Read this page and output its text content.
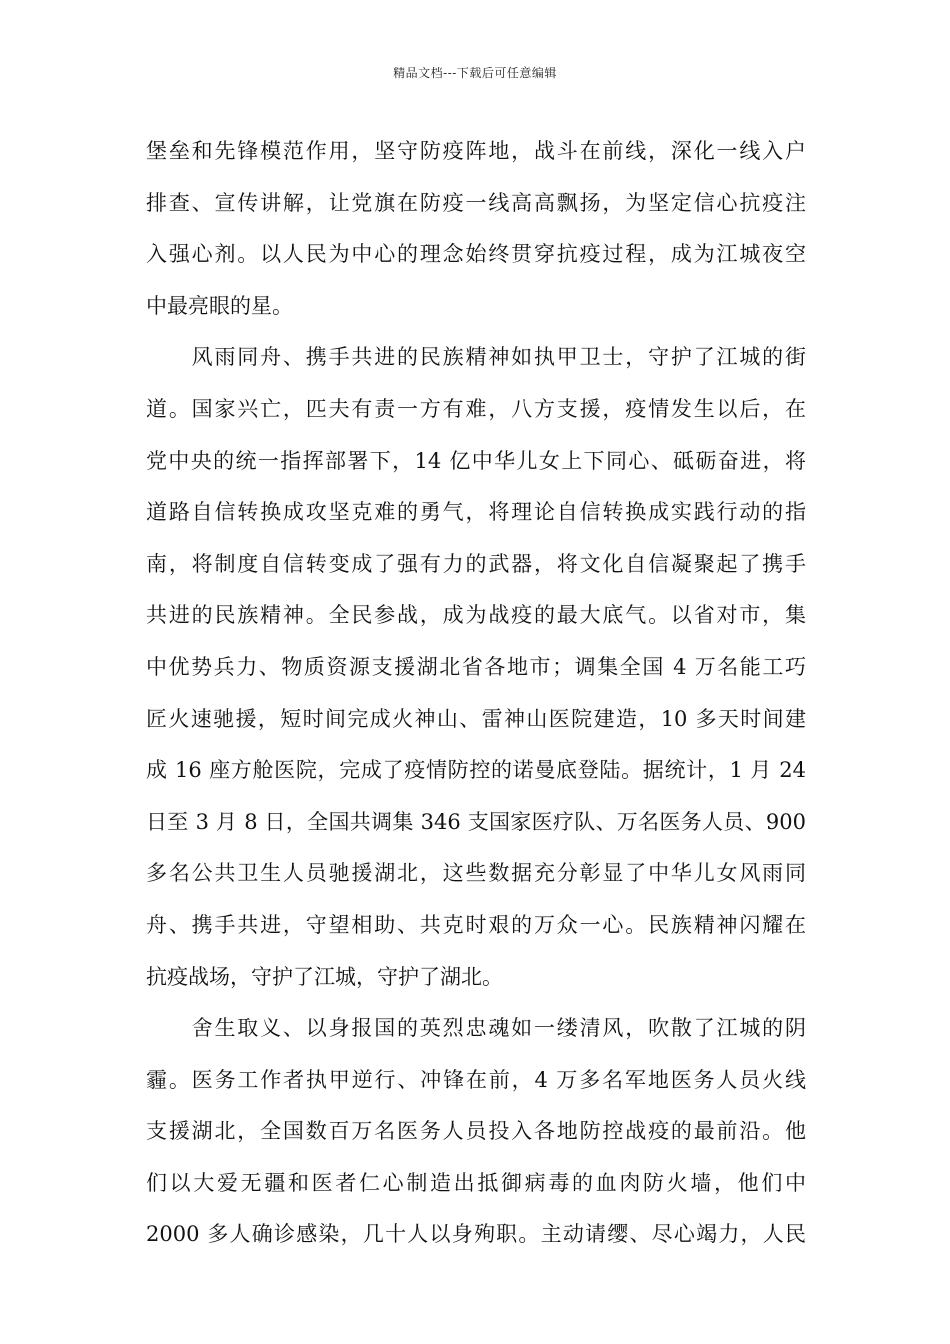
精品文档---下载后可任意编辑
堡垒和先锋模范作用，坚守防疫阵地，战斗在前线，深化一线入户
排查、宣传讲解，让党旗在防疫一线高高飘扬，为坚定信心抗疫注
入强心剂。以人民为中心的理念始终贯穿抗疫过程，成为江城夜空
中最亮眼的星。
　　风雨同舟、携手共进的民族精神如执甲卫士，守护了江城的街
道。国家兴亡，匹夫有责一方有难，八方支援，疫情发生以后，在
党中央的统一指挥部署下，14 亿中华儿女上下同心、砥砺奋进，将
道路自信转换成攻坚克难的勇气，将理论自信转换成实践行动的指
南，将制度自信转变成了强有力的武器，将文化自信凝聚起了携手
共进的民族精神。全民参战，成为战疫的最大底气。以省对市，集
中优势兵力、物质资源支援湖北省各地市；调集全国 4 万名能工巧
匠火速驰援，短时间完成火神山、雷神山医院建造，10 多天时间建
成 16 座方舱医院，完成了疫情防控的诺曼底登陆。据统计，1 月 24
日至 3 月 8 日，全国共调集 346 支国家医疗队、万名医务人员、900
多名公共卫生人员驰援湖北，这些数据充分彰显了中华儿女风雨同
舟、携手共进，守望相助、共克时艰的万众一心。民族精神闪耀在
抗疫战场，守护了江城，守护了湖北。
　　舍生取义、以身报国的英烈忠魂如一缕清风，吹散了江城的阴
霾。医务工作者执甲逆行、冲锋在前，4 万多名军地医务人员火线
支援湖北，全国数百万名医务人员投入各地防控战疫的最前沿。他
们以大爱无疆和医者仁心制造出抵御病毒的血肉防火墙，他们中
2000 多人确诊感染，几十人以身殉职。主动请缨、尽心竭力，人民
